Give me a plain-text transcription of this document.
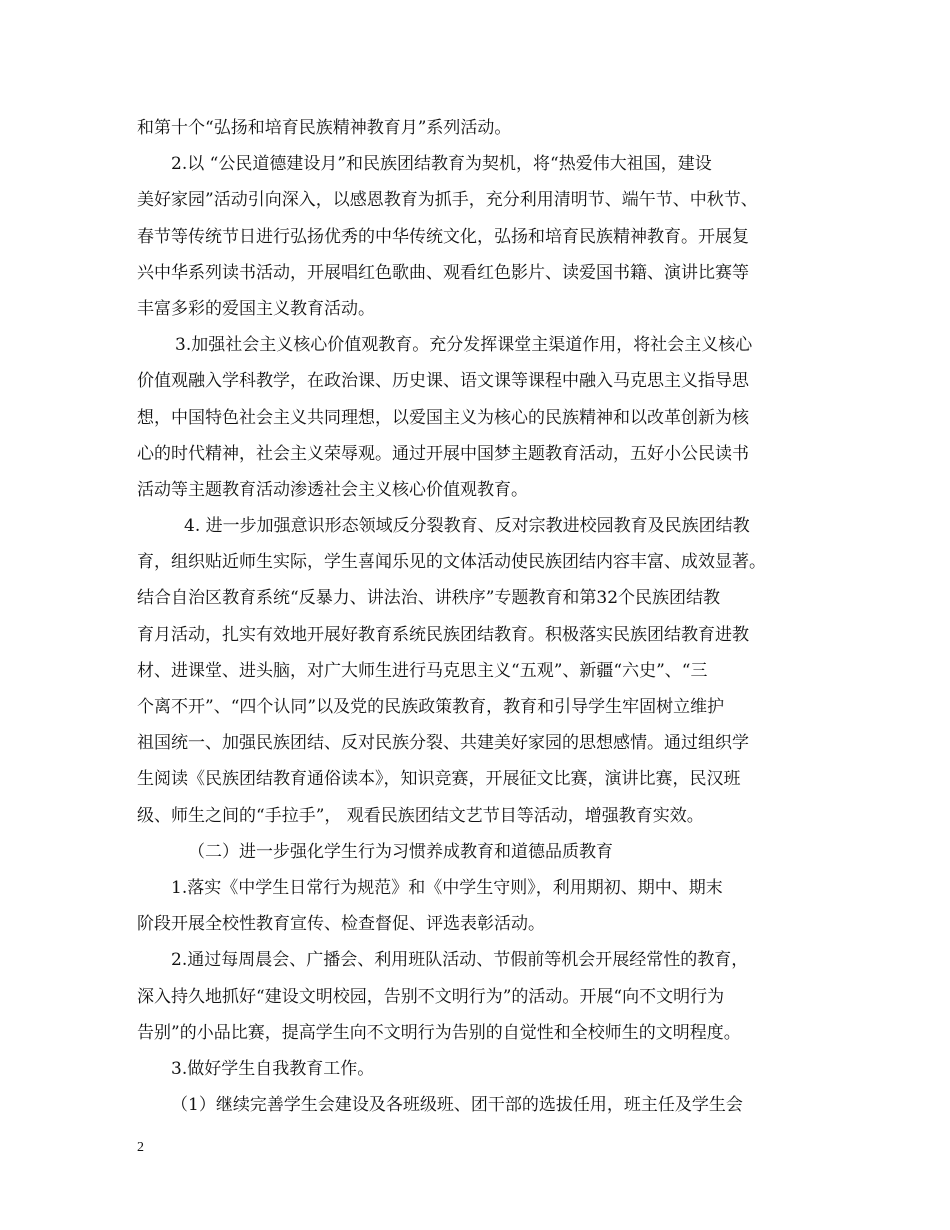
和第十个“弘扬和培育民族精神教育月”系列活动。
2.以 “公民道德建设月”和民族团结教育为契机，将“热爱伟大祖国，建设
美好家园”活动引向深入，以感恩教育为抓手，充分利用清明节、端午节、中秋节、
春节等传统节日进行弘扬优秀的中华传统文化，弘扬和培育民族精神教育。开展复
兴中华系列读书活动，开展唱红色歌曲、观看红色影片、读爱国书籍、演讲比赛等
丰富多彩的爱国主义教育活动。
3.加强社会主义核心价值观教育。充分发挥课堂主渠道作用，将社会主义核心
价值观融入学科教学，在政治课、历史课、语文课等课程中融入马克思主义指导思
想，中国特色社会主义共同理想，以爱国主义为核心的民族精神和以改革创新为核
心的时代精神，社会主义荣辱观。通过开展中国梦主题教育活动，五好小公民读书
活动等主题教育活动渗透社会主义核心价值观教育。
4. 进一步加强意识形态领域反分裂教育、反对宗教进校园教育及民族团结教
育，组织贴近师生实际，学生喜闻乐见的文体活动使民族团结内容丰富、成效显著。
结合自治区教育系统“反暴力、讲法治、讲秩序”专题教育和第32个民族团结教
育月活动，扎实有效地开展好教育系统民族团结教育。积极落实民族团结教育进教
材、进课堂、进头脑，对广大师生进行马克思主义“五观”、新疆“六史”、“三
个离不开”、“四个认同”以及党的民族政策教育，教育和引导学生牢固树立维护
祖国统一、加强民族团结、反对民族分裂、共建美好家园的思想感情。通过组织学
生阅读《民族团结教育通俗读本》，知识竞赛，开展征文比赛，演讲比赛，民汉班
级、师生之间的“手拉手”， 观看民族团结文艺节目等活动，增强教育实效。
（二）进一步强化学生行为习惯养成教育和道德品质教育
1.落实《中学生日常行为规范》和《中学生守则》，利用期初、期中、期末
阶段开展全校性教育宣传、检查督促、评选表彰活动。
2.通过每周晨会、广播会、利用班队活动、节假前等机会开展经常性的教育，
深入持久地抓好“建设文明校园，告别不文明行为”的活动。开展“向不文明行为
告别”的小品比赛，提高学生向不文明行为告别的自觉性和全校师生的文明程度。
3.做好学生自我教育工作。
（1）继续完善学生会建设及各班级班、团干部的选拔任用，班主任及学生会
2
